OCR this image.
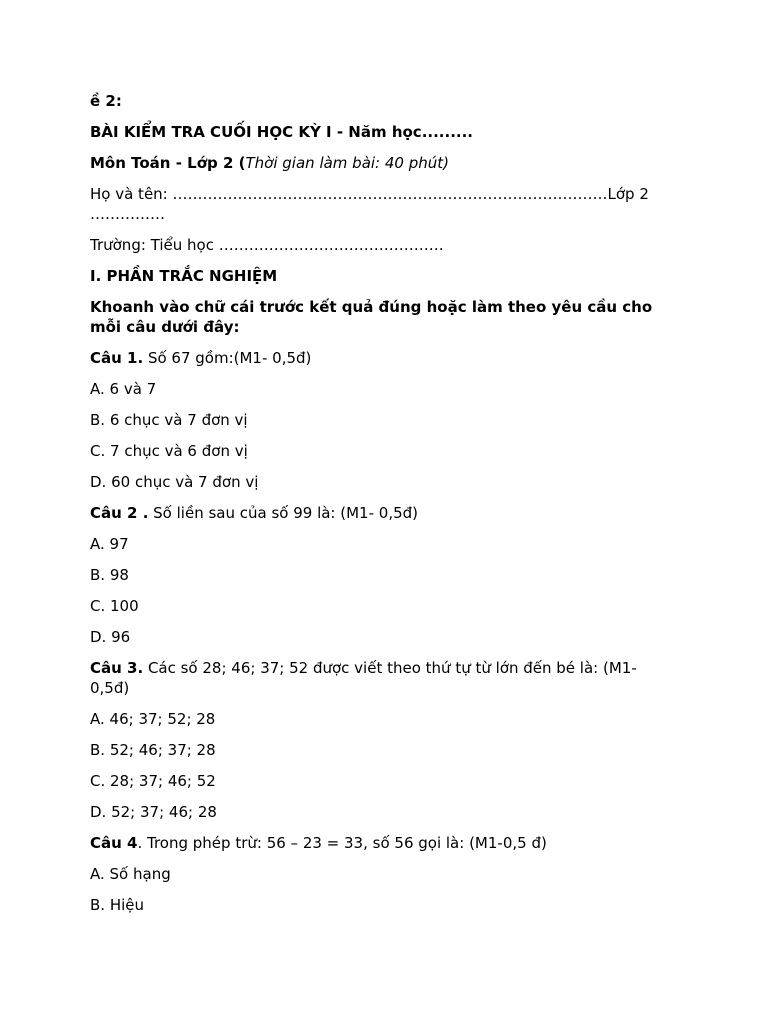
ề 2:
BÀI KIỂM TRA CUỐI HỌC KỲ I - Năm học.........
Môn Toán - Lớp 2 (Thời gian làm bài: 40 phút)
Họ và tên: ……………………………………………………………………………Lớp 2
……………
Trường: Tiểu học ………………………………………
I. PHẦN TRẮC NGHIỆM
Khoanh vào chữ cái trước kết quả đúng hoặc làm theo yêu cầu cho mỗi câu dưới đây:
Câu 1. Số 67 gồm:(M1- 0,5đ)
A. 6 và 7
B. 6 chục và 7 đơn vị
C. 7 chục và 6 đơn vị
D. 60 chục và 7 đơn vị
Câu 2 . Số liền sau của số 99 là: (M1- 0,5đ)
A. 97
B. 98
C. 100
D. 96
Câu 3. Các số 28; 46; 37; 52 được viết theo thứ tự từ lớn đến bé là: (M1- 0,5đ)
A. 46; 37; 52; 28
B. 52; 46; 37; 28
C. 28; 37; 46; 52
D. 52; 37; 46; 28
Câu 4. Trong phép trừ: 56 – 23 = 33, số 56 gọi là: (M1-0,5 đ)
A. Số hạng
B. Hiệu
